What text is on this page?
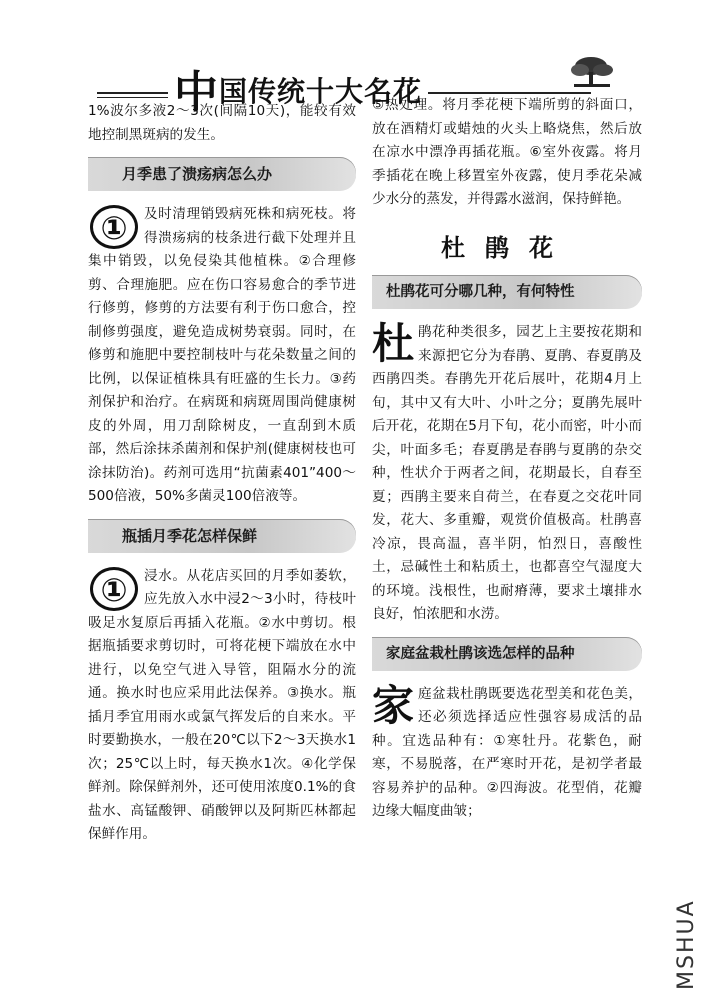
中国传统十大名花

1%波尔多液2～3次(间隔10天)，能较有效地控制黑斑病的发生。

月季患了溃疡病怎么办
①	及时清理销毁病死株和病死枝。将得溃疡病的枝条进行截下处理并且集中销毁，以免侵染其他植株。②合理修剪、合理施肥。应在伤口容易愈合的季节进行修剪，修剪的方法要有利于伤口愈合，控制修剪强度，避免造成树势衰弱。同时，在修剪和施肥中要控制枝叶与花朵数量之间的比例，以保证植株具有旺盛的生长力。③药剂保护和治疗。在病斑和病斑周围尚健康树皮的外周，用刀刮除树皮，一直刮到木质部，然后涂抹杀菌剂和保护剂(健康树枝也可涂抹防治)。药剂可选用“抗菌素401”400～500倍液，50%多菌灵100倍液等。

瓶插月季花怎样保鲜
①	浸水。从花店买回的月季如萎软，应先放入水中浸2～3小时，待枝叶吸足水复原后再插入花瓶。②水中剪切。根据瓶插要求剪切时，可将花梗下端放在水中进行，以免空气进入导管，阻隔水分的流通。换水时也应采用此法保养。③换水。瓶插月季宜用雨水或氯气挥发后的自来水。平时要勤换水，一般在20℃以下2～3天换水1次；25℃以上时，每天换水1次。④化学保鲜剂。除保鲜剂外，还可使用浓度0.1%的食盐水、高锰酸钾、硝酸钾以及阿斯匹林都起保鲜作用。

⑤热处理。将月季花梗下端所剪的斜面口，放在酒精灯或蜡烛的火头上略烧焦，然后放在凉水中漂净再插花瓶。⑥室外夜露。将月季插花在晚上移置室外夜露，使月季花朵减少水分的蒸发，并得露水滋润，保持鲜艳。

杜鹃花
杜鹃花可分哪几种，有何特性
杜 鹃花种类很多，园艺上主要按花期和来源把它分为春鹃、夏鹃、春夏鹃及西鹃四类。春鹃先开花后展叶，花期4月上旬，其中又有大叶、小叶之分；夏鹃先展叶后开花，花期在5月下旬，花小而密，叶小而尖，叶面多毛；春夏鹃是春鹃与夏鹃的杂交种，性状介于两者之间，花期最长，自春至夏；西鹃主要来自荷兰，在春夏之交花叶同发，花大、多重瓣，观赏价值极高。杜鹃喜冷凉，畏高温，喜半阴，怕烈日，喜酸性土，忌碱性土和粘质土，也都喜空气湿度大的环境。浅根性，也耐瘠薄，要求土壤排水良好，怕浓肥和水涝。

家庭盆栽杜鹃该选怎样的品种
家 庭盆栽杜鹃既要选花型美和花色美，还必须选择适应性强容易成活的品种。宜选品种有：①寒牡丹。花紫色，耐寒，不易脱落，在严寒时开花，是初学者最容易养护的品种。②四海波。花型俏，花瓣边缘大幅度曲皱；

MSHUA
